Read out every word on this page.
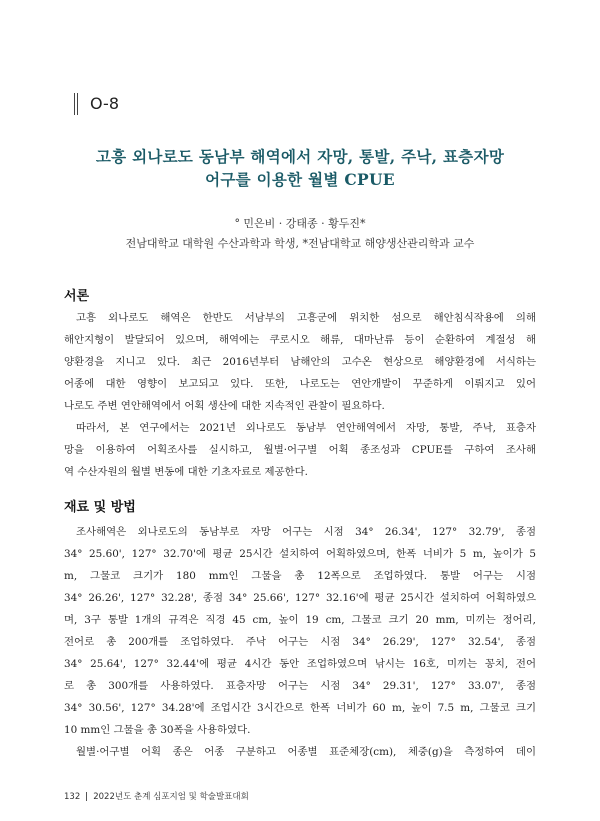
O-8
고흥 외나로도 동남부 해역에서 자망, 통발, 주낙, 표층자망
어구를 이용한 월별 CPUE
° 민은비 · 강태종 · 황두진*
전남대학교 대학원 수산과학과 학생, *전남대학교 해양생산관리학과 교수
서론
고흥 외나로도 해역은 한반도 서남부의 고흥군에 위치한 섬으로 해안침식작용에 의해
해안지형이 발달되어 있으며, 해역에는 쿠로시오 해류, 대마난류 등이 순환하여 계절성 해
양환경을 지니고 있다. 최근 2016년부터 남해안의 고수온 현상으로 해양환경에 서식하는
어종에 대한 영향이 보고되고 있다. 또한, 나로도는 연안개발이 꾸준하게 이뤄지고 있어
나로도 주변 연안해역에서 어획 생산에 대한 지속적인 관찰이 필요하다.
따라서, 본 연구에서는 2021년 외나로도 동남부 연안해역에서 자망, 통발, 주낙, 표층자
망을 이용하여 어획조사를 실시하고, 월별·어구별 어획 종조성과 CPUE를 구하여 조사해
역 수산자원의 월별 변동에 대한 기초자료로 제공한다.
재료 및 방법
조사해역은 외나로도의 동남부로 자망 어구는 시점 34° 26.34', 127° 32.79', 종점
34° 25.60', 127° 32.70'에 평균 25시간 설치하여 어획하였으며, 한폭 너비가 5 m, 높이가 5
m, 그물코 크기가 180 mm인 그물을 총 12폭으로 조업하였다. 통발 어구는 시점
34° 26.26', 127° 32.28', 종점 34° 25.66', 127° 32.16'에 평균 25시간 설치하여 어획하였으
며, 3구 통발 1개의 규격은 직경 45 cm, 높이 19 cm, 그물코 크기 20 mm, 미끼는 정어리,
전어로 총 200개를 조업하였다. 주낙 어구는 시점 34° 26.29', 127° 32.54', 종점
34° 25.64', 127° 32.44'에 평균 4시간 동안 조업하였으며 낚시는 16호, 미끼는 꽁치, 전어
로 총 300개를 사용하였다. 표층자망 어구는 시점 34° 29.31', 127° 33.07', 종점
34° 30.56', 127° 34.28'에 조업시간 3시간으로 한폭 너비가 60 m, 높이 7.5 m, 그물코 크기
10 mm인 그물을 총 30폭을 사용하였다.
월별·어구별 어획 종은 어종 구분하고 어종별 표준체장(cm), 체중(g)을 측정하여 데이
132 2022년도 춘계 심포지엄 및 학술발표대회
